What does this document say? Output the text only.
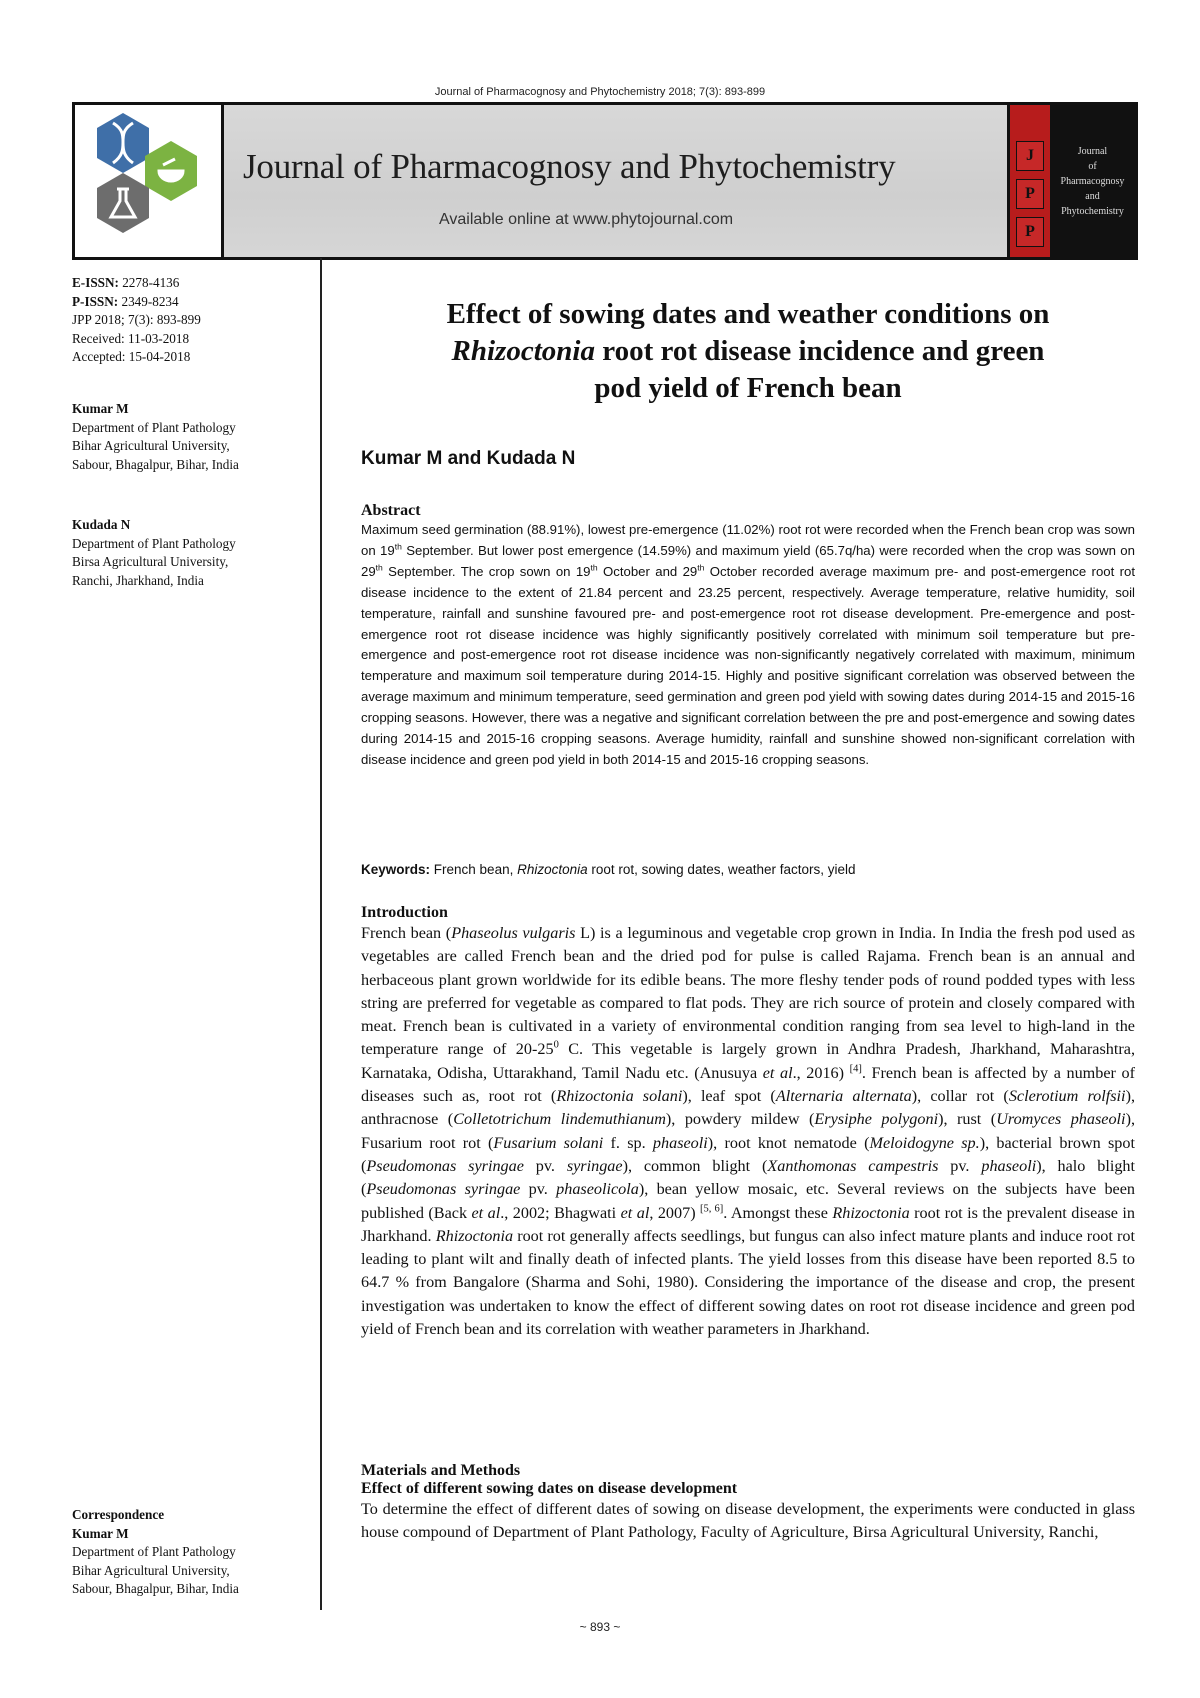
Journal of Pharmacognosy and Phytochemistry 2018; 7(3): 893-899
Journal of Pharmacognosy and Phytochemistry
Available online at www.phytojournal.com
J
P
P
Journal
of
Pharmacognosy
and
Phytochemistry
E-ISSN: 2278-4136
P-ISSN: 2349-8234
JPP 2018; 7(3): 893-899
Received: 11-03-2018
Accepted: 15-04-2018
Kumar M
Department of Plant Pathology
Bihar Agricultural University,
Sabour, Bhagalpur, Bihar, India
Kudada N
Department of Plant Pathology
Birsa Agricultural University,
Ranchi, Jharkhand, India
Correspondence
Kumar M
Department of Plant Pathology
Bihar Agricultural University,
Sabour, Bhagalpur, Bihar, India
Effect of sowing dates and weather conditions on
Rhizoctonia root rot disease incidence and green
pod yield of French bean
Kumar M and Kudada N
Abstract
Maximum seed germination (88.91%), lowest pre-emergence (11.02%) root rot were recorded when the French bean crop was sown on 19th September. But lower post emergence (14.59%) and maximum yield (65.7q/ha) were recorded when the crop was sown on 29th September. The crop sown on 19th October and 29th October recorded average maximum pre- and post-emergence root rot disease incidence to the extent of 21.84 percent and 23.25 percent, respectively. Average temperature, relative humidity, soil temperature, rainfall and sunshine favoured pre- and post-emergence root rot disease development. Pre-emergence and post-emergence root rot disease incidence was highly significantly positively correlated with minimum soil temperature but pre-emergence and post-emergence root rot disease incidence was non-significantly negatively correlated with maximum, minimum temperature and maximum soil temperature during 2014-15. Highly and positive significant correlation was observed between the average maximum and minimum temperature, seed germination and green pod yield with sowing dates during 2014-15 and 2015-16 cropping seasons. However, there was a negative and significant correlation between the pre and post-emergence and sowing dates during 2014-15 and 2015-16 cropping seasons. Average humidity, rainfall and sunshine showed non-significant correlation with disease incidence and green pod yield in both 2014-15 and 2015-16 cropping seasons.
Keywords: French bean, Rhizoctonia root rot, sowing dates, weather factors, yield
Introduction
French bean (Phaseolus vulgaris L) is a leguminous and vegetable crop grown in India. In India the fresh pod used as vegetables are called French bean and the dried pod for pulse is called Rajama. French bean is an annual and herbaceous plant grown worldwide for its edible beans. The more fleshy tender pods of round podded types with less string are preferred for vegetable as compared to flat pods. They are rich source of protein and closely compared with meat. French bean is cultivated in a variety of environmental condition ranging from sea level to high-land in the temperature range of $20-25^0$ C. This vegetable is largely grown in Andhra Pradesh, Jharkhand, Maharashtra, Karnataka, Odisha, Uttarakhand, Tamil Nadu etc. (Anusuya et al., 2016) [4]. French bean is affected by a number of diseases such as, root rot (Rhizoctonia solani), leaf spot (Alternaria alternata), collar rot (Sclerotium rolfsii), anthracnose (Colletotrichum lindemuthianum), powdery mildew (Erysiphe polygoni), rust (Uromyces phaseoli), Fusarium root rot (Fusarium solani f. sp. phaseoli), root knot nematode (Meloidogyne sp.), bacterial brown spot (Pseudomonas syringae pv. syringae), common blight (Xanthomonas campestris pv. phaseoli), halo blight (Pseudomonas syringae pv. phaseolicola), bean yellow mosaic, etc. Several reviews on the subjects have been published (Back et al., 2002; Bhagwati et al, 2007) [5, 6]. Amongst these Rhizoctonia root rot is the prevalent disease in Jharkhand. Rhizoctonia root rot generally affects seedlings, but fungus can also infect mature plants and induce root rot leading to plant wilt and finally death of infected plants. The yield losses from this disease have been reported 8.5 to 64.7 % from Bangalore (Sharma and Sohi, 1980). Considering the importance of the disease and crop, the present investigation was undertaken to know the effect of different sowing dates on root rot disease incidence and green pod yield of French bean and its correlation with weather parameters in Jharkhand.
Materials and Methods
Effect of different sowing dates on disease development
To determine the effect of different dates of sowing on disease development, the experiments were conducted in glass house compound of Department of Plant Pathology, Faculty of Agriculture, Birsa Agricultural University, Ranchi,
~ 893 ~
